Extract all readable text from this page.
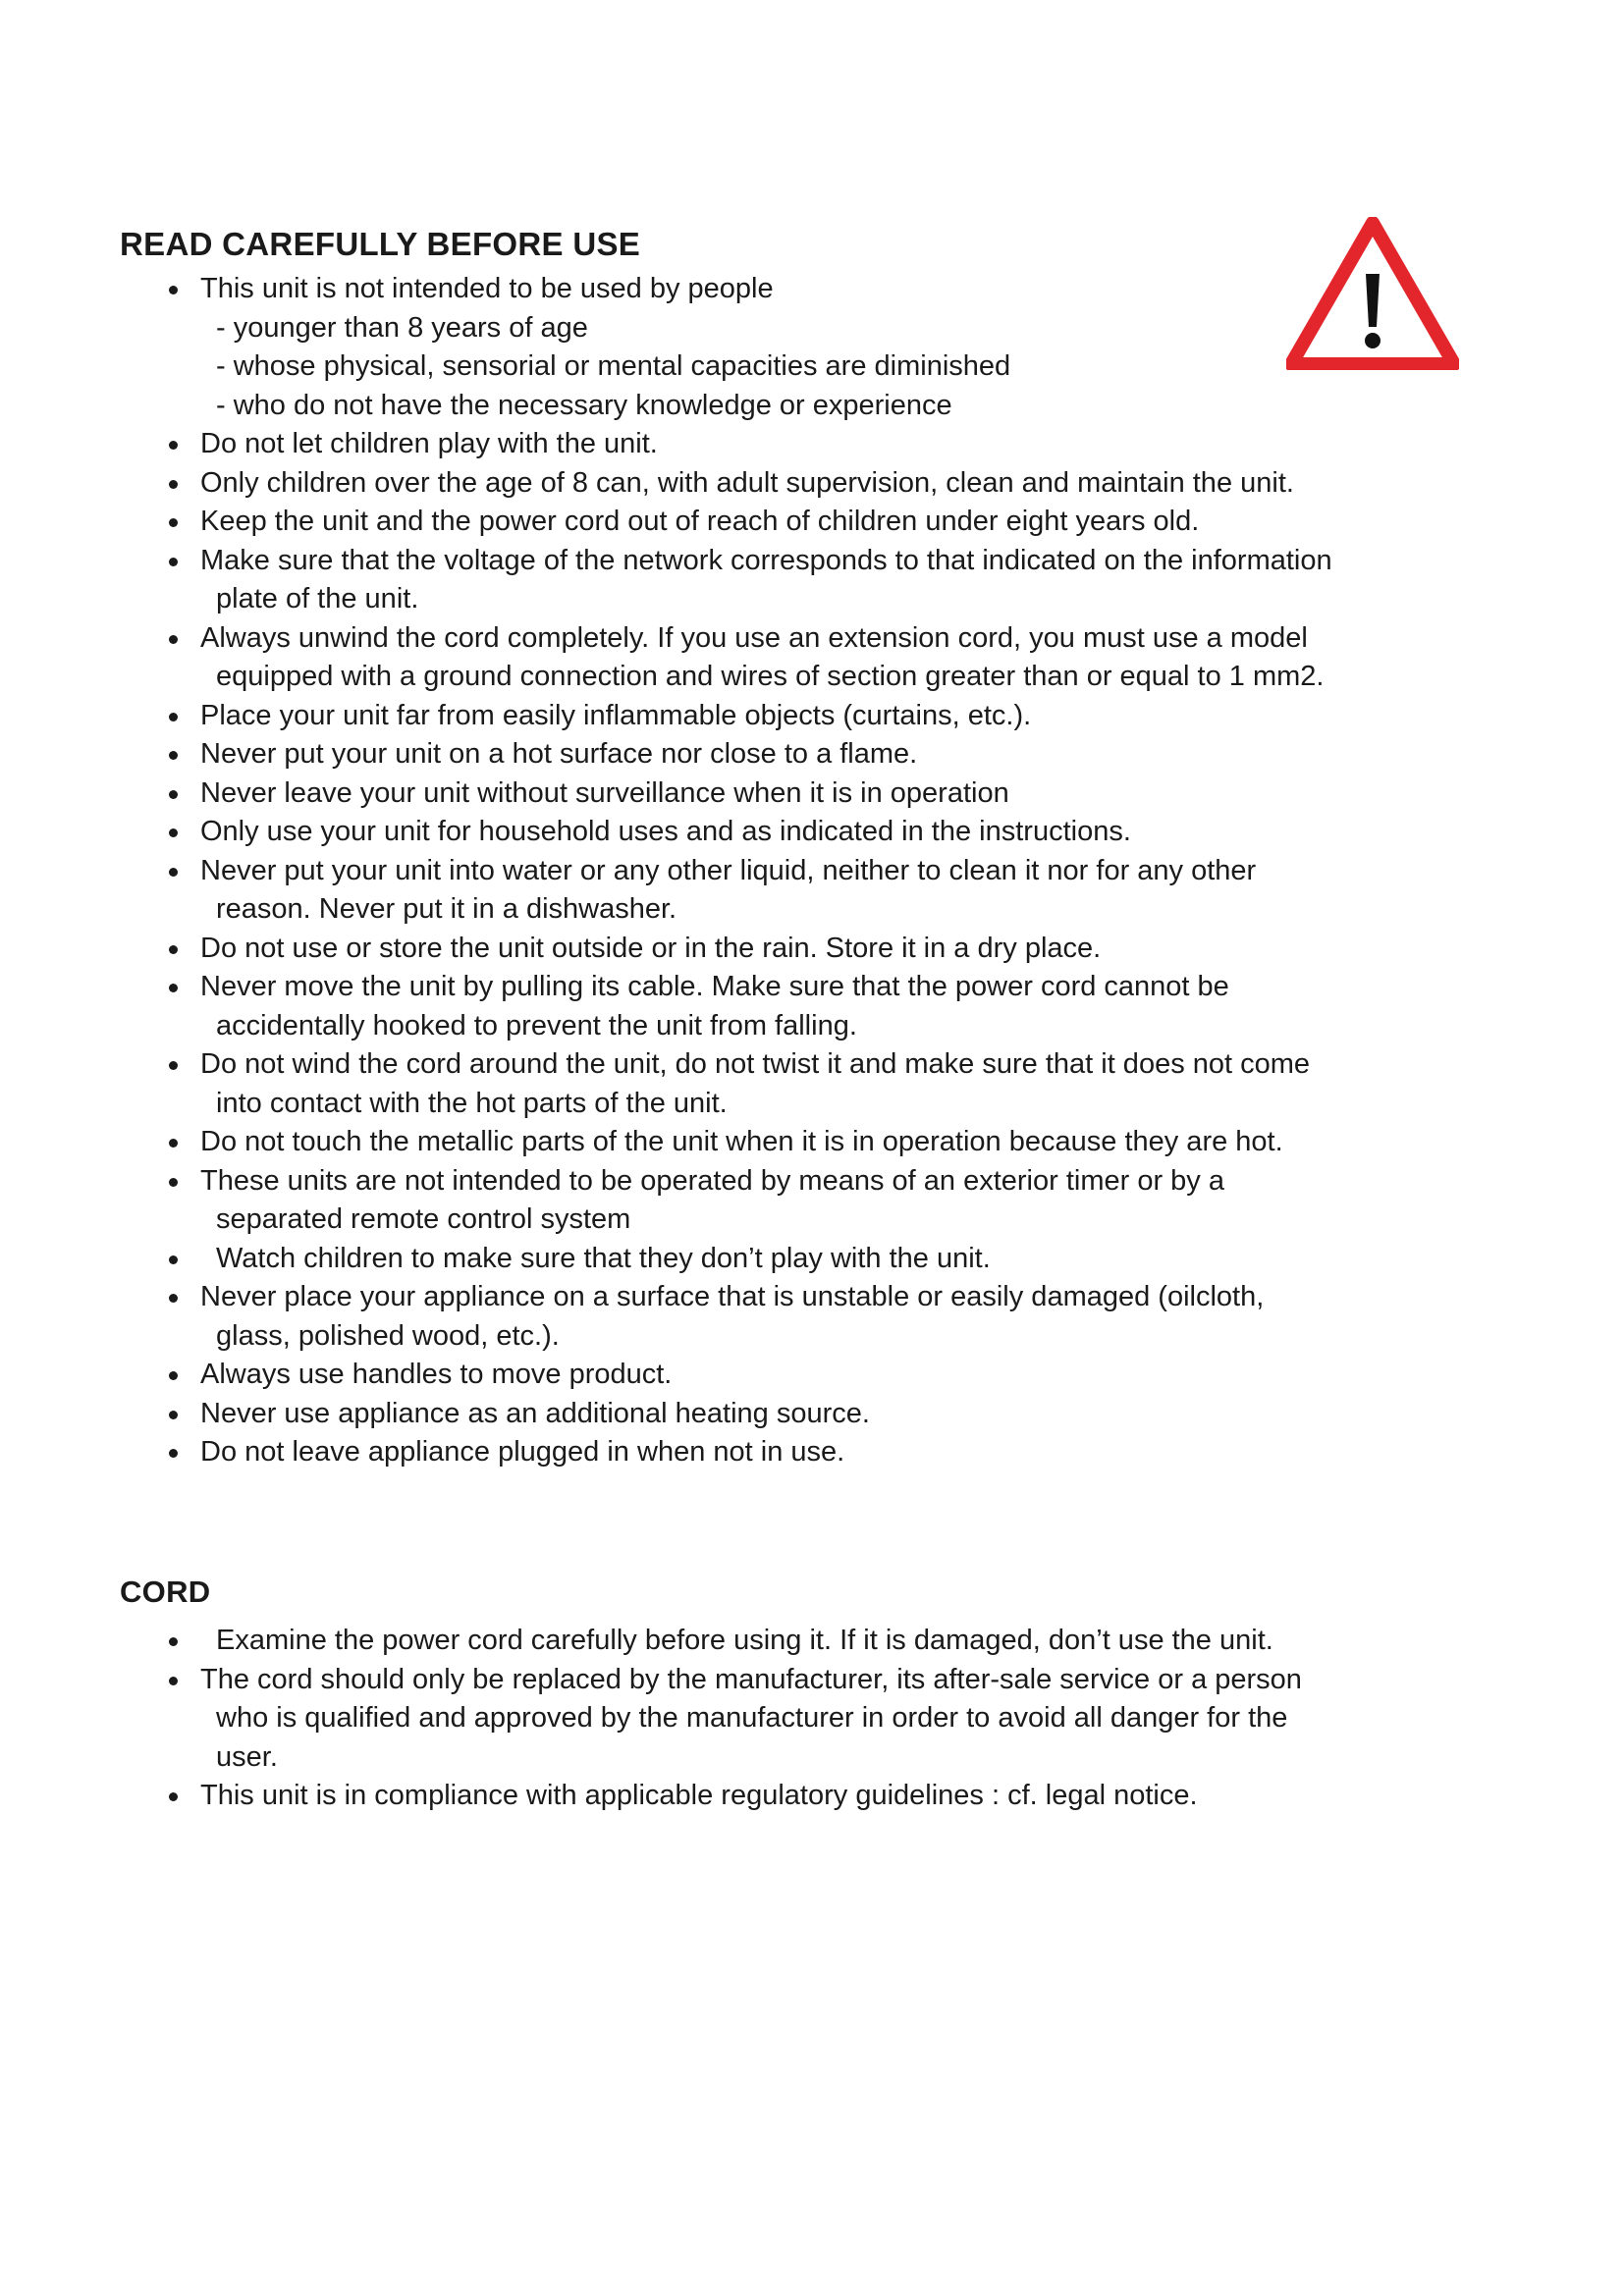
READ CAREFULLY BEFORE USE
This unit is not intended to be used by people
- younger than 8 years of age
- whose physical, sensorial or mental capacities are diminished
- who do not have the necessary knowledge or experience
Do not let children play with the unit.
Only children over the age of 8 can, with adult supervision, clean and maintain the unit.
Keep the unit and the power cord out of reach of children under eight years old.
Make sure that the voltage of the network corresponds to that indicated on the information
plate of the unit.
Always unwind the cord completely. If you use an extension cord, you must use a model
equipped with a ground connection and wires of section greater than or equal to 1 mm2.
Place your unit far from easily inflammable objects (curtains, etc.).
Never put your unit on a hot surface nor close to a flame.
Never leave your unit without surveillance when it is in operation
Only use your unit for household uses and as indicated in the instructions.
Never put your unit into water or any other liquid, neither to clean it nor for any other
reason. Never put it in a dishwasher.
Do not use or store the unit outside or in the rain. Store it in a dry place.
Never move the unit by pulling its cable. Make sure that the power cord cannot be
accidentally hooked to prevent the unit from falling.
Do not wind the cord around the unit, do not twist it and make sure that it does not come
into contact with the hot parts of the unit.
Do not touch the metallic parts of the unit when it is in operation because they are hot.
These units are not intended to be operated by means of an exterior timer or by a
separated remote control system
Watch children to make sure that they don’t play with the unit.
Never place your appliance on a surface that is unstable or easily damaged (oilcloth,
glass, polished wood, etc.).
Always use handles to move product.
Never use appliance as an additional heating source.
Do not leave appliance plugged in when not in use.
CORD
Examine the power cord carefully before using it. If it is damaged, don’t use the unit.
The cord should only be replaced by the manufacturer, its after-sale service or a person
who is qualified and approved by the manufacturer in order to avoid all danger for the
user.
This unit is in compliance with applicable regulatory guidelines : cf. legal notice.
